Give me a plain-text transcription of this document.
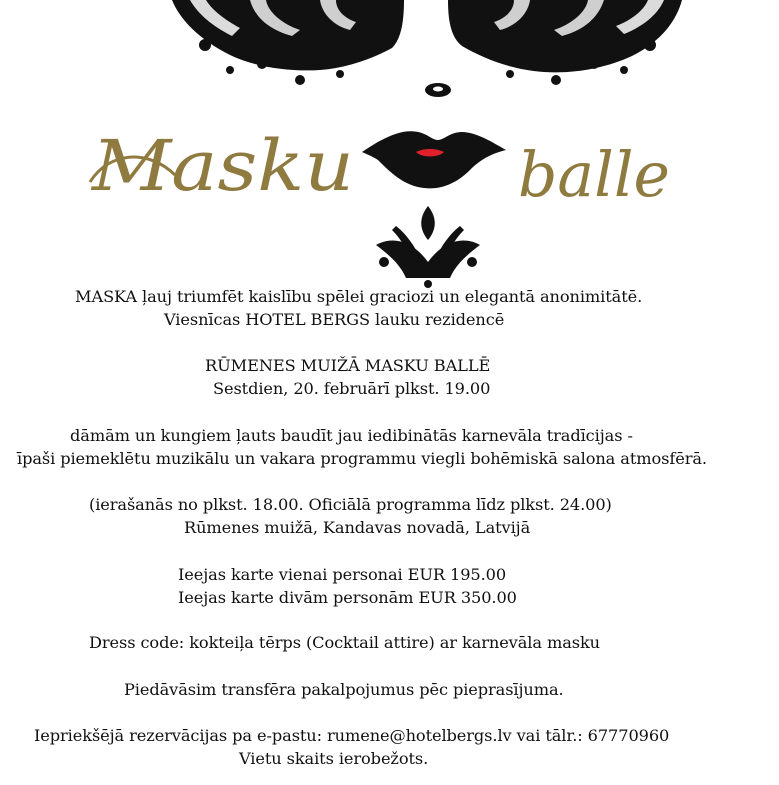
Masku	balle
MASKA ļauj triumfēt kaislību spēlei graciozi un elegantā anonimitātē.
Viesnīcas HOTEL BERGS lauku rezidencē
RŪMENES MUIŽĀ MASKU BALLĒ
Sestdien, 20. februārī plkst. 19.00
dāmām un kungiem ļauts baudīt jau iedibinātās karnevāla tradīcijas -
īpaši piemeklētu muzikālu un vakara programmu viegli bohēmiskā salona atmosfērā.
(ierašanās no plkst. 18.00. Oficiālā programma līdz plkst. 24.00)
Rūmenes muižā, Kandavas novadā, Latvijā
Ieejas karte vienai personai EUR 195.00
Ieejas karte divām personām EUR 350.00
Dress code: kokteiļa tērps (Cocktail attire) ar karnevāla masku
Piedāvāsim transfēra pakalpojumus pēc pieprasījuma.
Iepriekšējā rezervācijas pa e-pastu: rumene@hotelbergs.lv vai tālr.: 67770960
Vietu skaits ierobežots.
